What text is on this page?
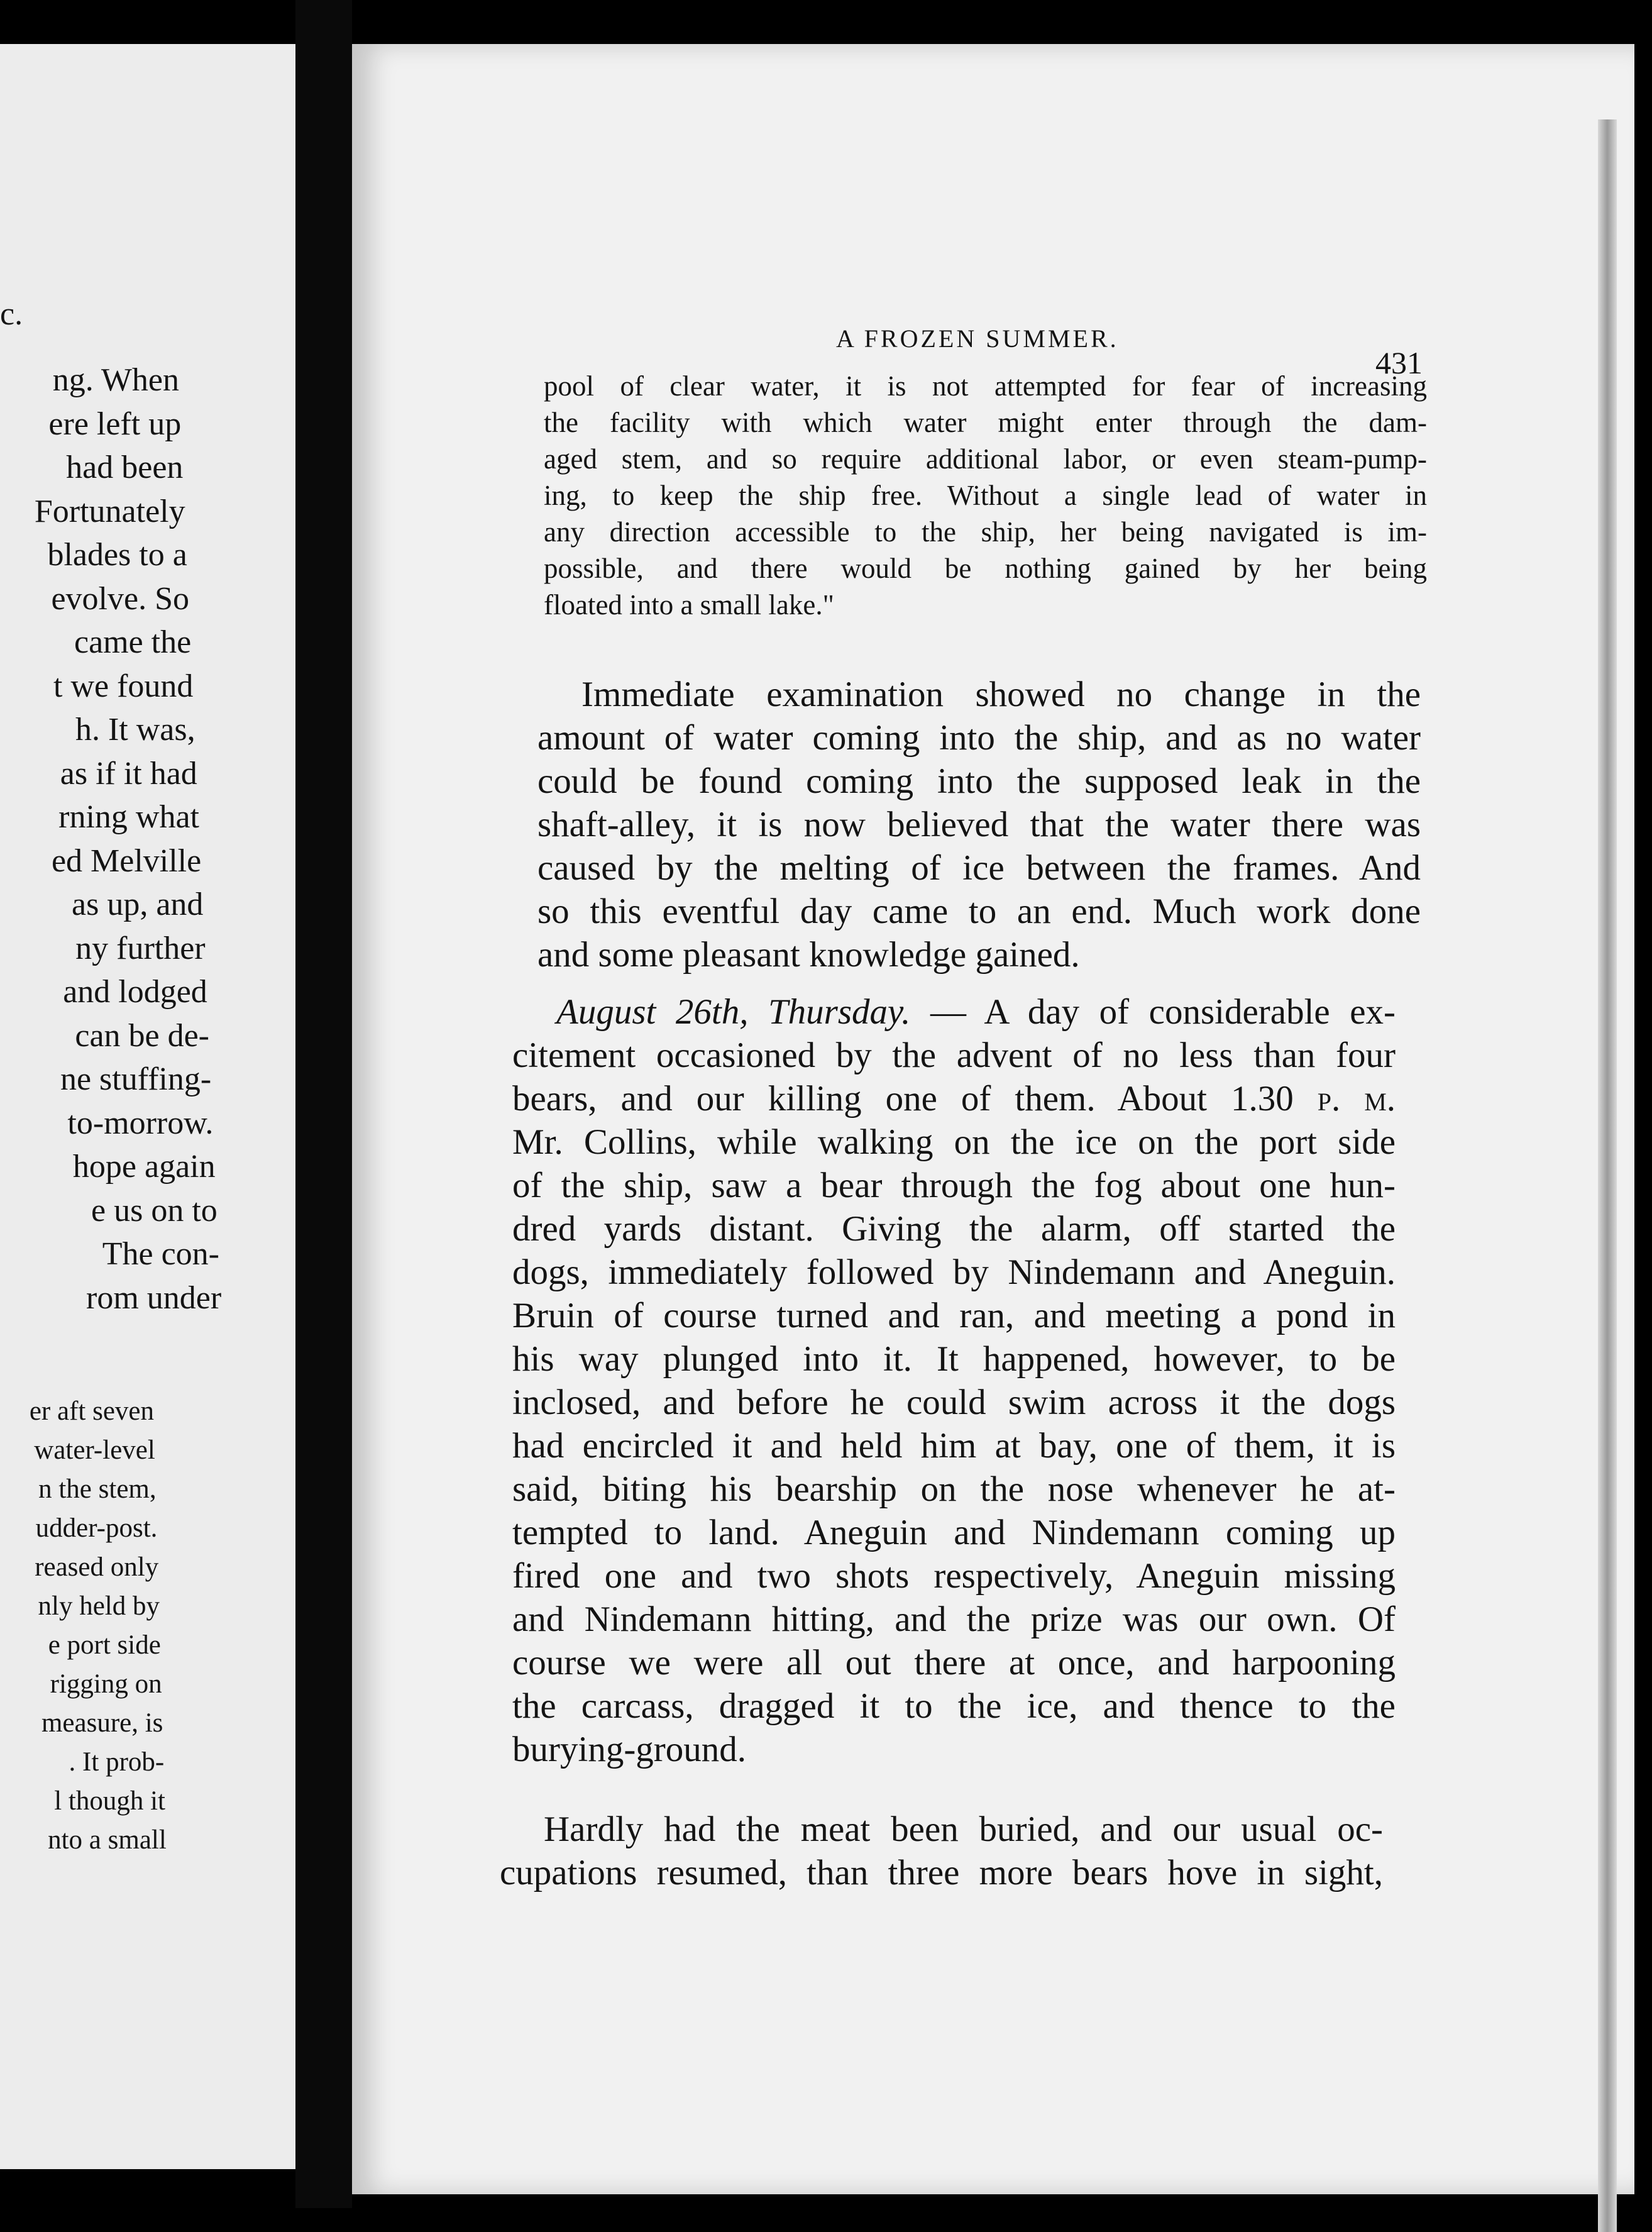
c.
ng. When
ere left up
had been
Fortunately
blades to a
evolve. So
came the
t we found
h. It was,
as if it had
rning what
ed Melville
as up, and
ny further
and lodged
can be de-
ne stuffing-
to-morrow.
hope again
e us on to
The con-
rom under
er aft seven
water-level
n the stem,
udder-post.
reased only
nly held by
e port side
rigging on
measure, is
. It prob-
l though it
nto a small
A FROZEN SUMMER.
431
pool of clear water, it is not attempted for fear of increasing
the facility with which water might enter through the dam-
aged stem, and so require additional labor, or even steam-pump-
ing, to keep the ship free. Without a single lead of water in
any direction accessible to the ship, her being navigated is im-
possible, and there would be nothing gained by her being
floated into a small lake."
Immediate examination showed no change in the
amount of water coming into the ship, and as no water
could be found coming into the supposed leak in the
shaft-alley, it is now believed that the water there was
caused by the melting of ice between the frames. And
so this eventful day came to an end. Much work done
and some pleasant knowledge gained.
August 26th, Thursday. — A day of considerable ex-
citement occasioned by the advent of no less than four
bears, and our killing one of them. About 1.30 p. m.
Mr. Collins, while walking on the ice on the port side
of the ship, saw a bear through the fog about one hun-
dred yards distant. Giving the alarm, off started the
dogs, immediately followed by Nindemann and Aneguin.
Bruin of course turned and ran, and meeting a pond in
his way plunged into it. It happened, however, to be
inclosed, and before he could swim across it the dogs
had encircled it and held him at bay, one of them, it is
said, biting his bearship on the nose whenever he at-
tempted to land. Aneguin and Nindemann coming up
fired one and two shots respectively, Aneguin missing
and Nindemann hitting, and the prize was our own. Of
course we were all out there at once, and harpooning
the carcass, dragged it to the ice, and thence to the
burying-ground.
Hardly had the meat been buried, and our usual oc-
cupations resumed, than three more bears hove in sight,
